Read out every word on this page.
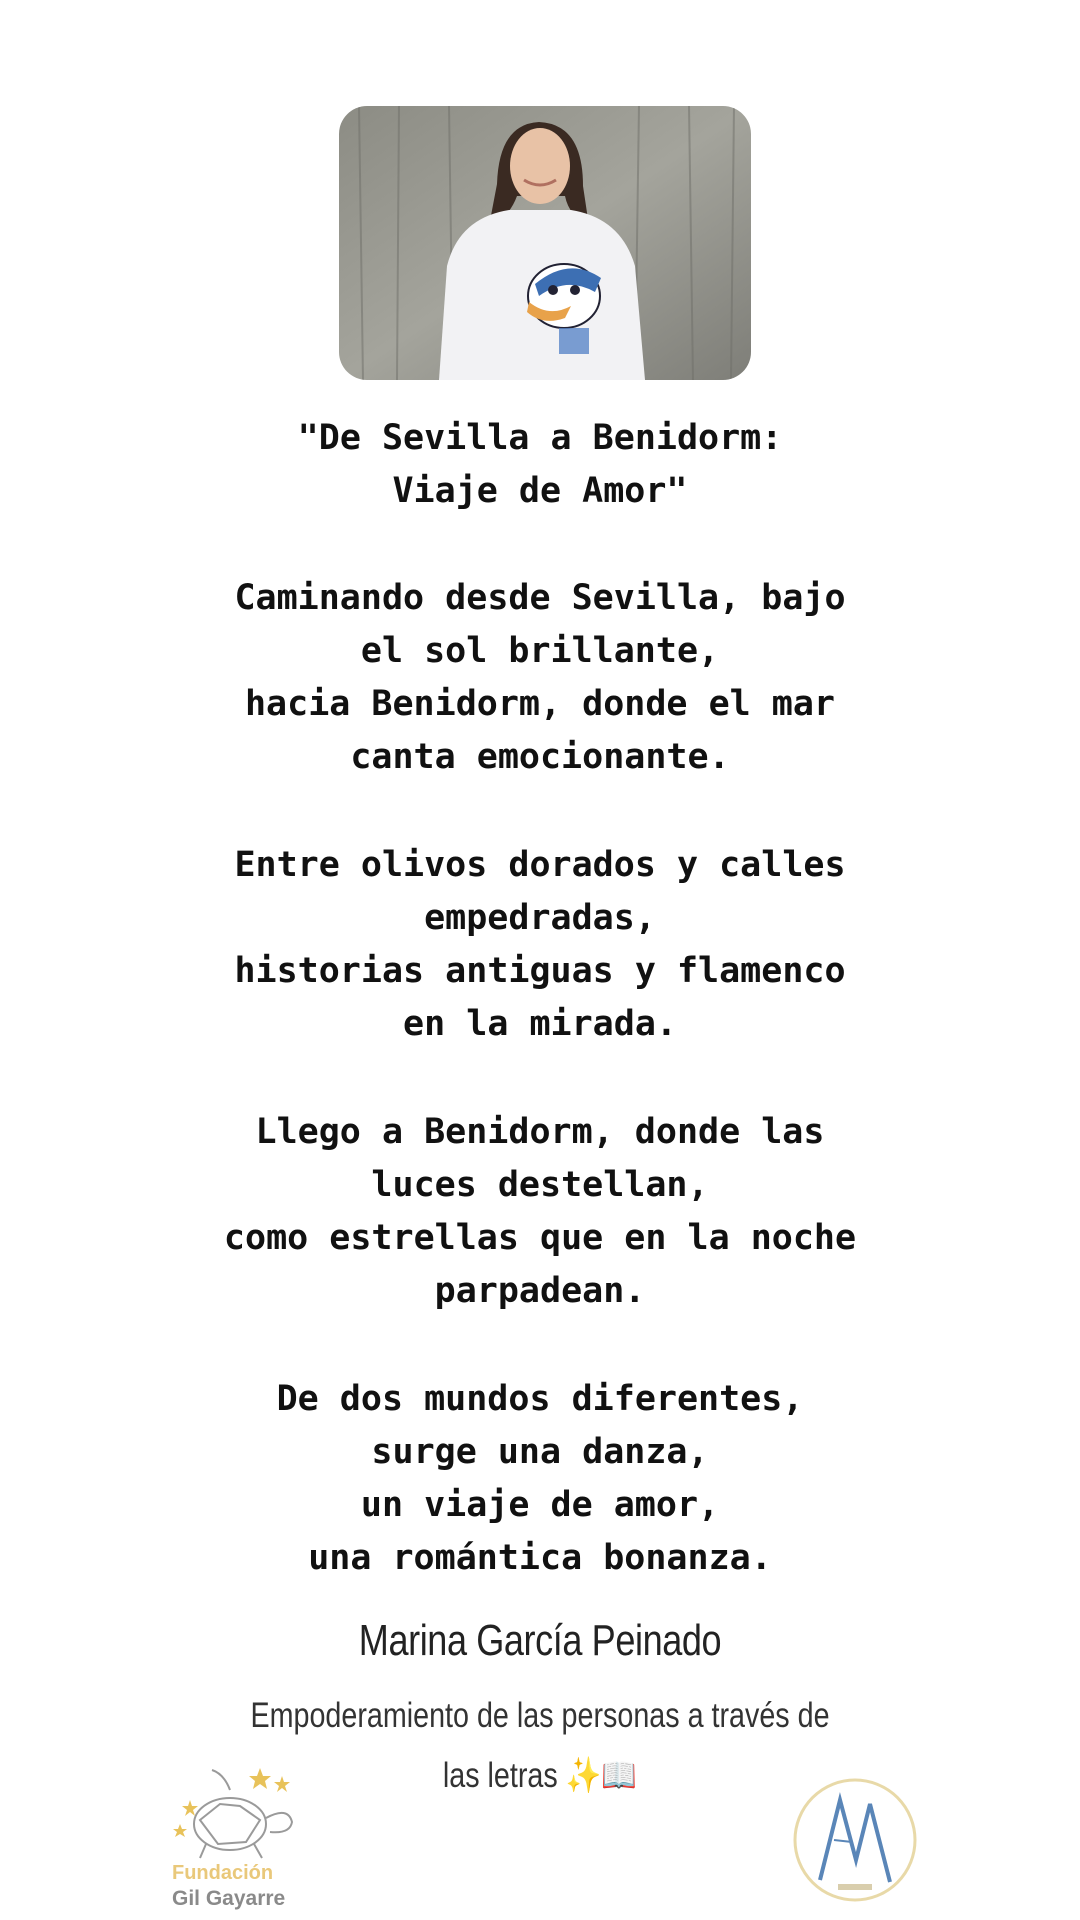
"De Sevilla a Benidorm:
Viaje de Amor"
Caminando desde Sevilla, bajo
el sol brillante,
hacia Benidorm, donde el mar
canta emocionante.
Entre olivos dorados y calles
empedradas,
historias antiguas y flamenco
en la mirada.
Llego a Benidorm, donde las
luces destellan,
como estrellas que en la noche
parpadean.
De dos mundos diferentes,
surge una danza,
un viaje de amor,
una romántica bonanza.
Marina García Peinado
Empoderamiento de las personas a través de
las letras ✨📖
Fundación
Gil Gayarre
